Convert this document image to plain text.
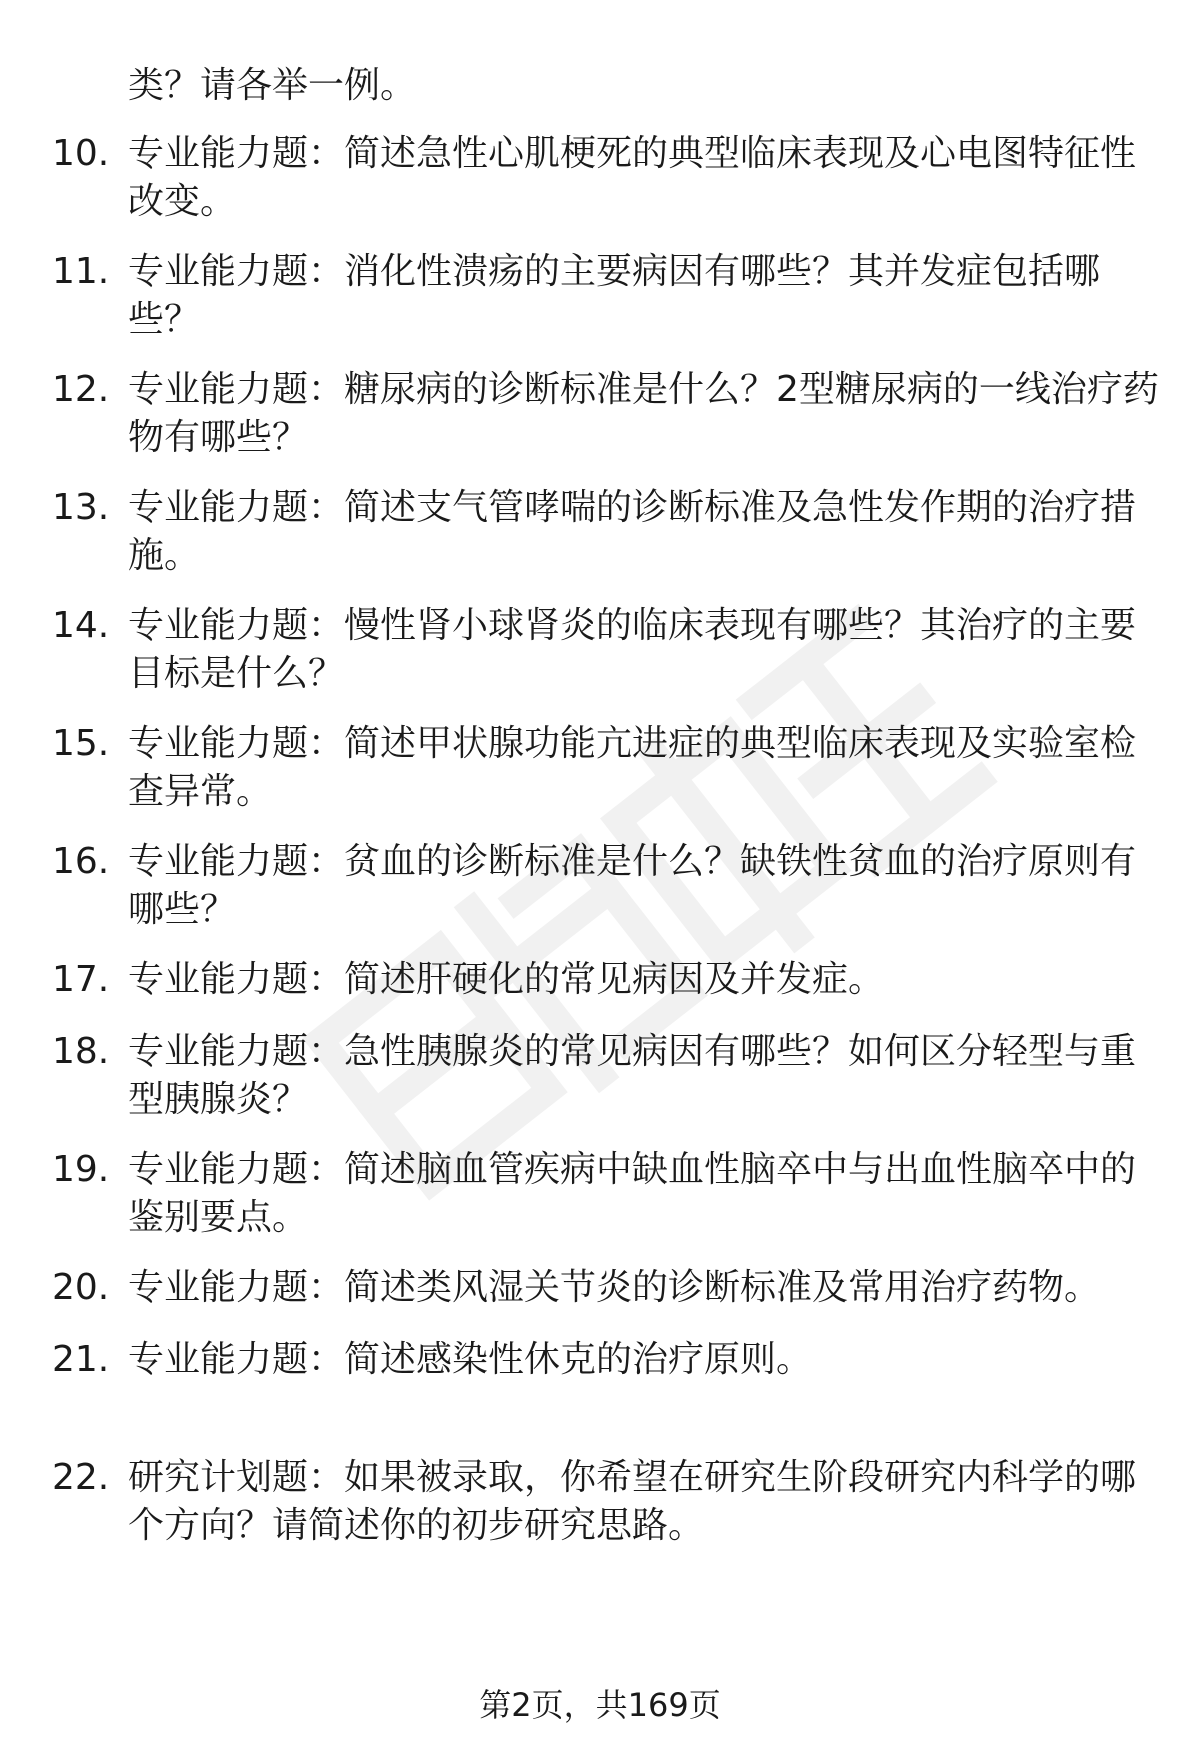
类？请各举一例。
10. 专业能力题：简述急性心肌梗死的典型临床表现及心电图特征性
改变。
11. 专业能力题：消化性溃疡的主要病因有哪些？其并发症包括哪
些？
12. 专业能力题：糖尿病的诊断标准是什么？2型糖尿病的一线治疗药
物有哪些？
13. 专业能力题：简述支气管哮喘的诊断标准及急性发作期的治疗措
施。
14. 专业能力题：慢性肾小球肾炎的临床表现有哪些？其治疗的主要
目标是什么？
15. 专业能力题：简述甲状腺功能亢进症的典型临床表现及实验室检
查异常。
16. 专业能力题：贫血的诊断标准是什么？缺铁性贫血的治疗原则有
哪些？
17. 专业能力题：简述肝硬化的常见病因及并发症。
18. 专业能力题：急性胰腺炎的常见病因有哪些？如何区分轻型与重
型胰腺炎？
19. 专业能力题：简述脑血管疾病中缺血性脑卒中与出血性脑卒中的
鉴别要点。
20. 专业能力题：简述类风湿关节炎的诊断标准及常用治疗药物。
21. 专业能力题：简述感染性休克的治疗原则。
22. 研究计划题：如果被录取，你希望在研究生阶段研究内科学的哪
个方向？请简述你的初步研究思路。
第2页，共169页
